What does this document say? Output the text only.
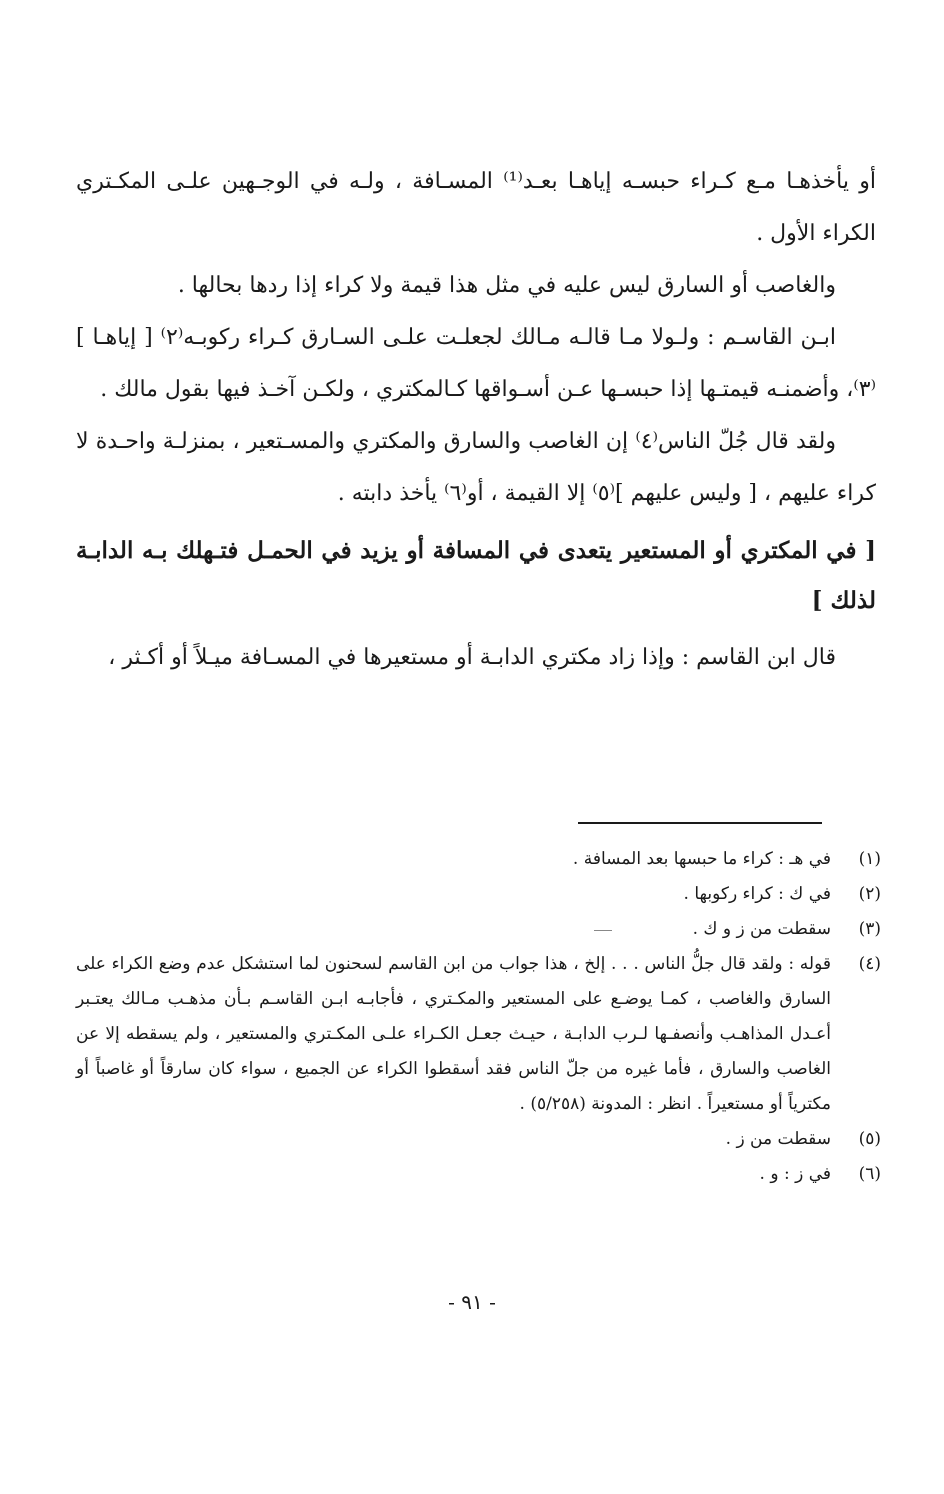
أو يأخذهـا مـع كـراء حبسـه إياهـا بعـد⁽¹⁾ المسـافة ، ولـه في الوجـهين علـى المكـتري الكراء الأول .

والغاصب أو السارق ليس عليه في مثل هذا قيمة ولا كراء إذا ردها بحالها .

ابـن القاسـم : ولـولا مـا قالـه مـالك لجعلـت علـى السـارق كـراء ركوبـه⁽٢⁾ [ إياهـا ]⁽٣⁾، وأضمنـه قيمتـها إذا حبسـها عـن أسـواقها كـالمكتري ، ولكـن آخـذ فيها بقول مالك .

ولقد قال جُلّ الناس⁽٤⁾ إن الغاصب والسارق والمكتري والمسـتعير ، بمنزلـة واحـدة لا كراء عليهم ، [ وليس عليهم ]⁽٥⁾ إلا القيمة ، أو⁽٦⁾ يأخذ دابته .

[ في المكتري أو المستعير يتعدى في المسافة أو يزيد في الحمـل فتـهلك بـه الدابـة لذلك ]

قال ابن القاسم : وإذا زاد مكتري الدابـة أو مستعيرها في المسـافة ميـلاً أو أكـثر ،

(١)
في هـ : كراء ما حبسها بعد المسافة .
(٢)
في ك : كراء ركوبها .
(٣)
سقطت من ز و ك .
(٤)
قوله : ولقد قال جلُّ الناس . . . إلخ ، هذا جواب من ابن القاسم لسحنون لما استشكل عدم وضع الكراء على السارق والغاصب ، كمـا يوضـع على المستعير والمكـتري ، فأجابـه ابـن القاسـم بـأن مذهـب مـالك يعتـبر أعـدل المذاهـب وأنصفـها لـرب الدابـة ، حيـث جعـل الكـراء علـى المكـتري والمستعير ، ولم يسقطه إلا عن الغاصب والسارق ، فأما غيره من جلّ الناس فقد أسقطوا الكراء عن الجميع ، سواء كان سارقاً أو غاصباً أو مكترياً أو مستعيراً . انظر : المدونة (٥/٢٥٨) .
(٥)
سقطت من ز .
(٦)
في ز : و .
- ٩١ -
